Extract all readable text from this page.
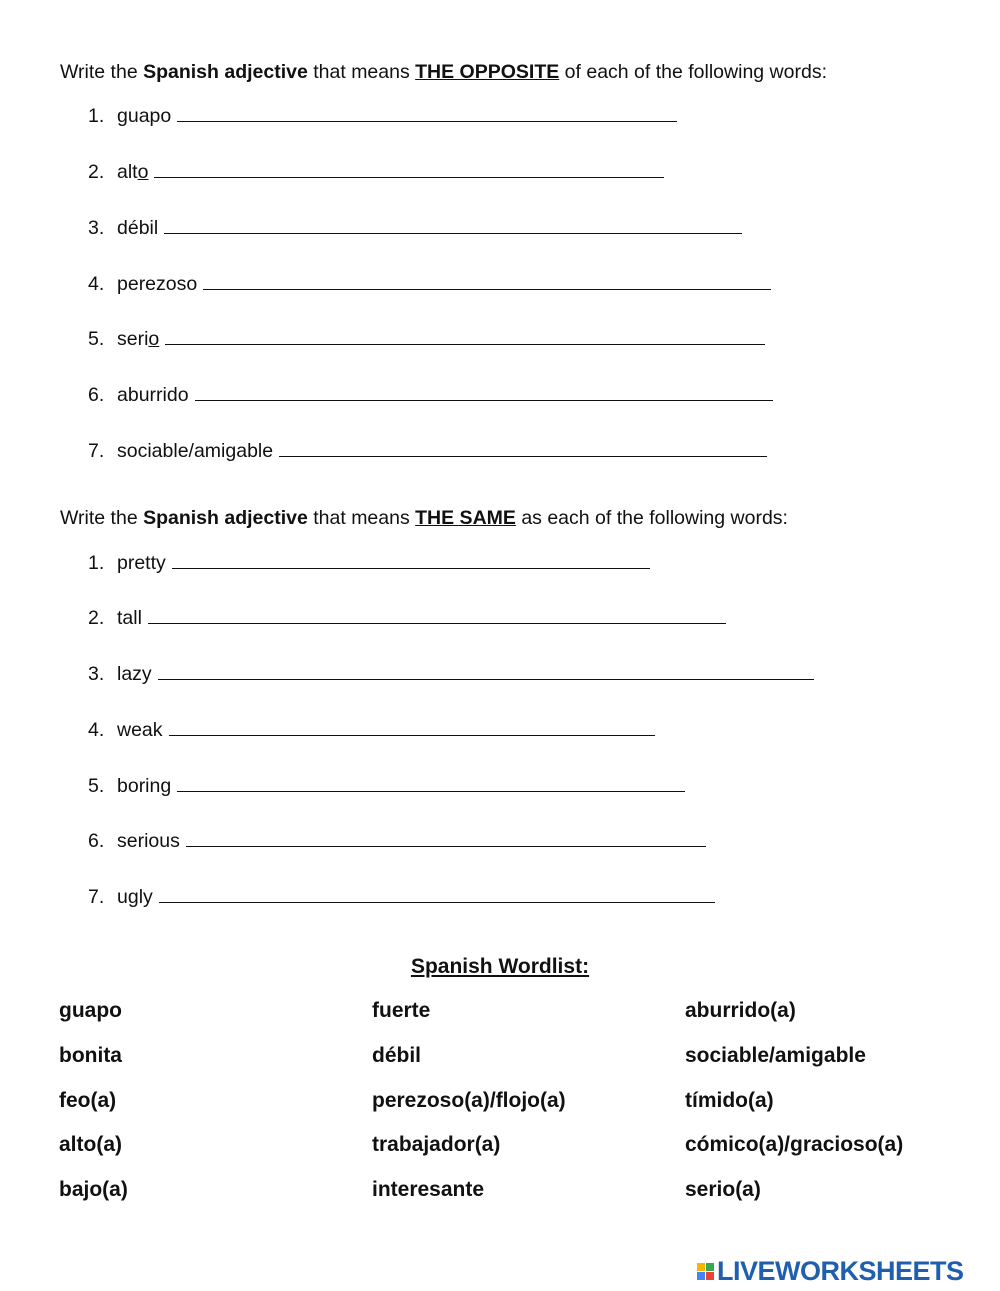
Write the Spanish adjective that means THE OPPOSITE of each of the following words:
1. guapo
2. alto
3. débil
4. perezoso
5. serio
6. aburrido
7. sociable/amigable
Write the Spanish adjective that means THE SAME as each of the following words:
1. pretty
2. tall
3. lazy
4. weak
5. boring
6. serious
7. ugly
Spanish Wordlist:
guapo
bonita
feo(a)
alto(a)
bajo(a)
fuerte
débil
perezoso(a)/flojo(a)
trabajador(a)
interesante
aburrido(a)
sociable/amigable
tímido(a)
cómico(a)/gracioso(a)
serio(a)
LIVEWORKSHEETS
